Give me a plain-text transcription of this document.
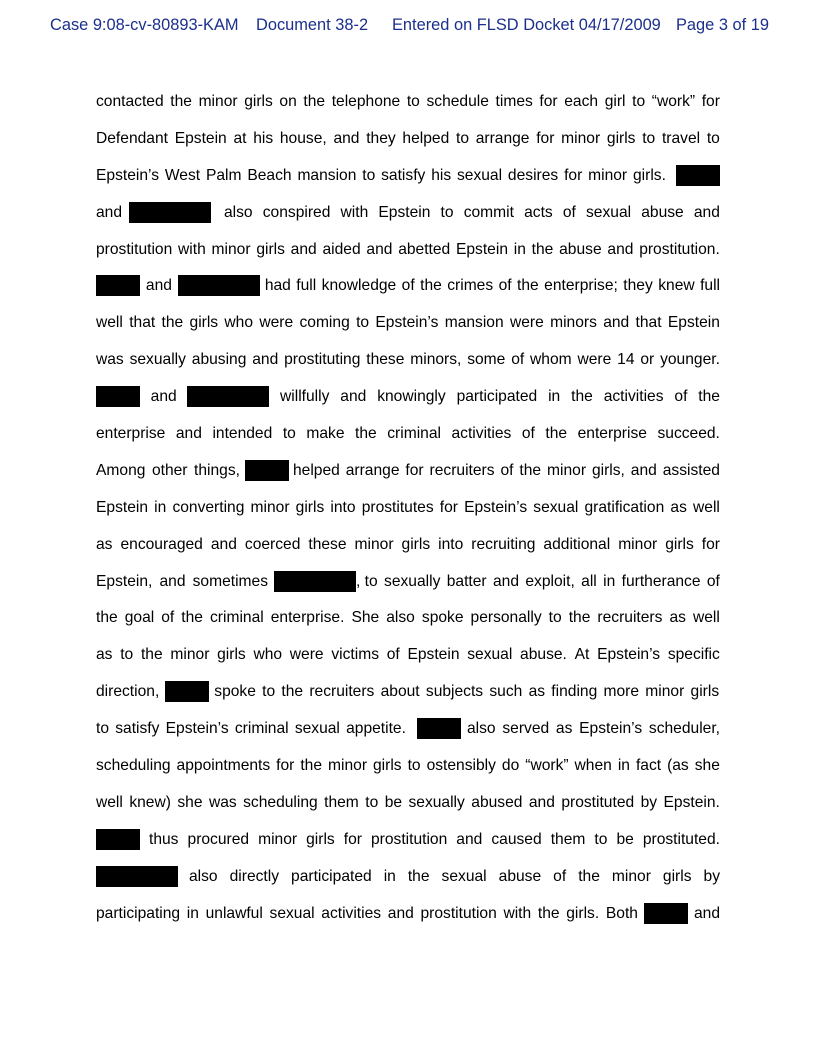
Case 9:08-cv-80893-KAM Document 38-2 Entered on FLSD Docket 04/17/2009 Page 3 of 19
contacted the minor girls on the telephone to schedule times for each girl to “work” for
Defendant Epstein at his house, and they helped to arrange for minor girls to travel to
Epstein’s West Palm Beach mansion to satisfy his sexual desires for minor girls.
and	also conspired with Epstein to commit acts of sexual abuse and
prostitution with minor girls and aided and abetted Epstein in the abuse and prostitution.
and	had full knowledge of the crimes of the enterprise; they knew full
well that the girls who were coming to Epstein’s mansion were minors and that Epstein
was sexually abusing and prostituting these minors, some of whom were 14 or younger.
and	willfully and knowingly participated in the activities of the
enterprise and intended to make the criminal activities of the enterprise succeed.
Among other things,	helped arrange for recruiters of the minor girls, and assisted
Epstein in converting minor girls into prostitutes for Epstein’s sexual gratification as well
as encouraged and coerced these minor girls into recruiting additional minor girls for
Epstein, and sometimes	, to sexually batter and exploit, all in furtherance of
the goal of the criminal enterprise. She also spoke personally to the recruiters as well
as to the minor girls who were victims of Epstein sexual abuse. At Epstein’s specific
direction,	spoke to the recruiters about subjects such as finding more minor girls
to satisfy Epstein’s criminal sexual appetite.	also served as Epstein’s scheduler,
scheduling appointments for the minor girls to ostensibly do “work” when in fact (as she
well knew) she was scheduling them to be sexually abused and prostituted by Epstein.
thus procured minor girls for prostitution and caused them to be prostituted.
also directly participated in the sexual abuse of the minor girls by
participating in unlawful sexual activities and prostitution with the girls. Both	and
